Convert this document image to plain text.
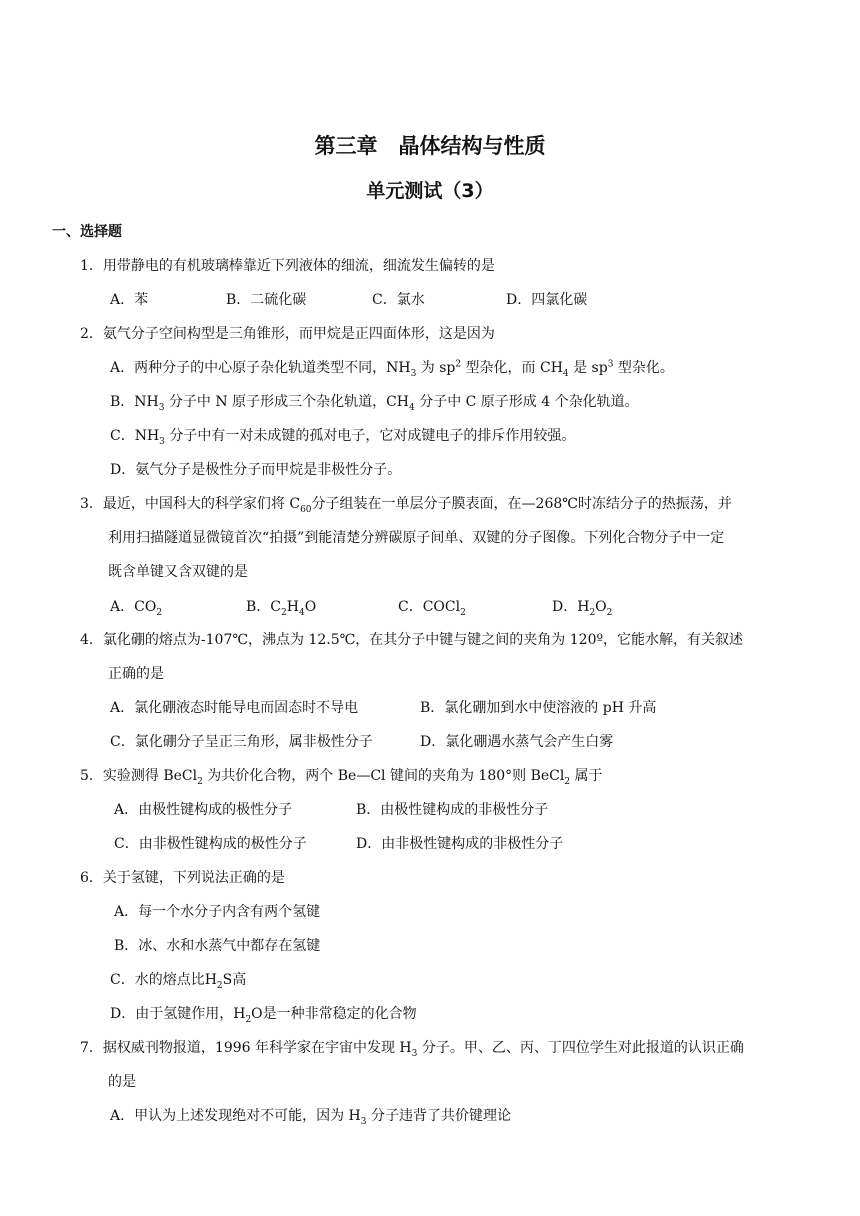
第三章　晶体结构与性质
单元测试（3）
一、选择题
1．用带静电的有机玻璃棒靠近下列液体的细流，细流发生偏转的是
A．苯	B．二硫化碳	C．氯水	D．四氯化碳
2．氨气分子空间构型是三角锥形，而甲烷是正四面体形，这是因为
A．两种分子的中心原子杂化轨道类型不同，$NH_3$ 为 $sp^2$ 型杂化，而 $CH_4$ 是 $sp^3$ 型杂化。
B．$NH_3$ 分子中 N 原子形成三个杂化轨道，$CH_4$ 分子中 C 原子形成 4 个杂化轨道。
C．$NH_3$ 分子中有一对未成键的孤对电子，它对成键电子的排斥作用较强。
D．氨气分子是极性分子而甲烷是非极性分子。
3．最近，中国科大的科学家们将 $C_{60}$分子组装在一单层分子膜表面，在—268℃时冻结分子的热振荡，并
利用扫描隧道显微镜首次“拍摄”到能清楚分辨碳原子间单、双键的分子图像。下列化合物分子中一定
既含单键又含双键的是
A．$CO_2$	B．$C_2H_4O$	C．COCl$_2$	D．$H_2O_2$
4．氯化硼的熔点为-107℃，沸点为 12.5℃，在其分子中键与键之间的夹角为 120º，它能水解，有关叙述
正确的是
A．氯化硼液态时能导电而固态时不导电	B．氯化硼加到水中使溶液的 pH 升高
C．氯化硼分子呈正三角形，属非极性分子	D．氯化硼遇水蒸气会产生白雾
5．实验测得 BeCl$_2$ 为共价化合物，两个 Be—Cl 键间的夹角为 180°则 BeCl$_2$ 属于
A．由极性键构成的极性分子	B．由极性键构成的非极性分子
C．由非极性键构成的极性分子	D．由非极性键构成的非极性分子
6．关于氢键，下列说法正确的是
A．每一个水分子内含有两个氢键
B．冰、水和水蒸气中都存在氢键
C．水的熔点比$H_2S$高
D．由于氢键作用，$H_2O$是一种非常稳定的化合物
7．据权威刊物报道，1996 年科学家在宇宙中发现 $H_3$ 分子。甲、乙、丙、丁四位学生对此报道的认识正确
的是
A．甲认为上述发现绝对不可能，因为 $H_3$ 分子违背了共价键理论
